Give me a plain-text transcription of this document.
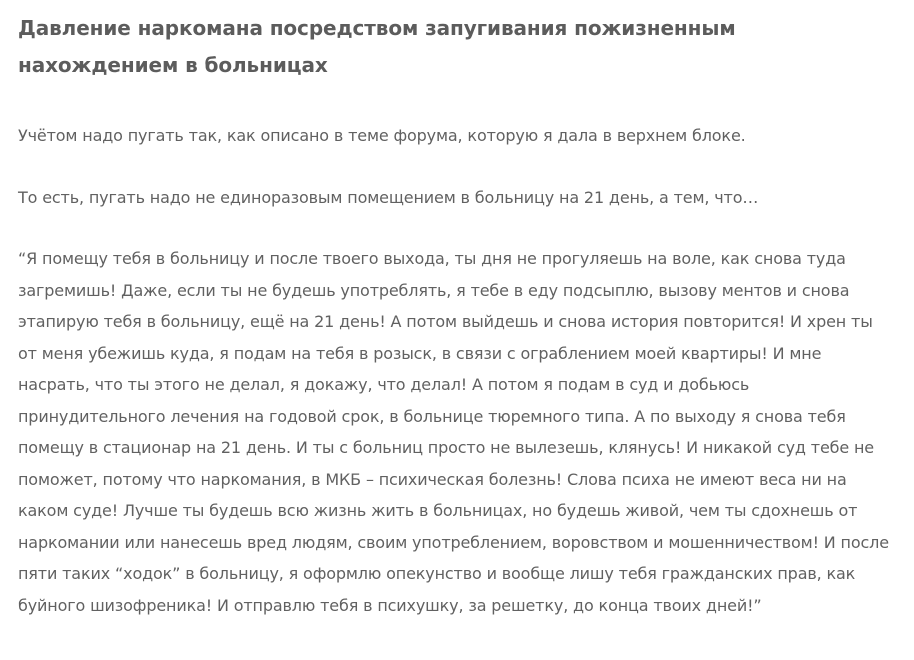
Давление наркомана посредством запугивания пожизненным нахождением в больницах

Учётом надо пугать так, как описано в теме форума, которую я дала в верхнем блоке.

То есть, пугать надо не единоразовым помещением в больницу на 21 день, а тем, что…

“Я помещу тебя в больницу и после твоего выхода, ты дня не прогуляешь на воле, как снова туда загремишь! Даже, если ты не будешь употреблять, я тебе в еду подсыплю, вызову ментов и снова этапирую тебя в больницу, ещё на 21 день! А потом выйдешь и снова история повторится! И хрен ты от меня убежишь куда, я подам на тебя в розыск, в связи с ограблением моей квартиры! И мне насрать, что ты этого не делал, я докажу, что делал! А потом я подам в суд и добьюсь принудительного лечения на годовой срок, в больнице тюремного типа. А по выходу я снова тебя помещу в стационар на 21 день. И ты с больниц просто не вылезешь, клянусь! И никакой суд тебе не поможет, потому что наркомания, в МКБ – психическая болезнь! Слова психа не имеют веса ни на каком суде! Лучше ты будешь всю жизнь жить в больницах, но будешь живой, чем ты сдохнешь от наркомании или нанесешь вред людям, своим употреблением, воровством и мошенничеством! И после пяти таких “ходок” в больницу, я оформлю опекунство и вообще лишу тебя гражданских прав, как буйного шизофреника! И отправлю тебя в психушку, за решетку, до конца твоих дней!”
